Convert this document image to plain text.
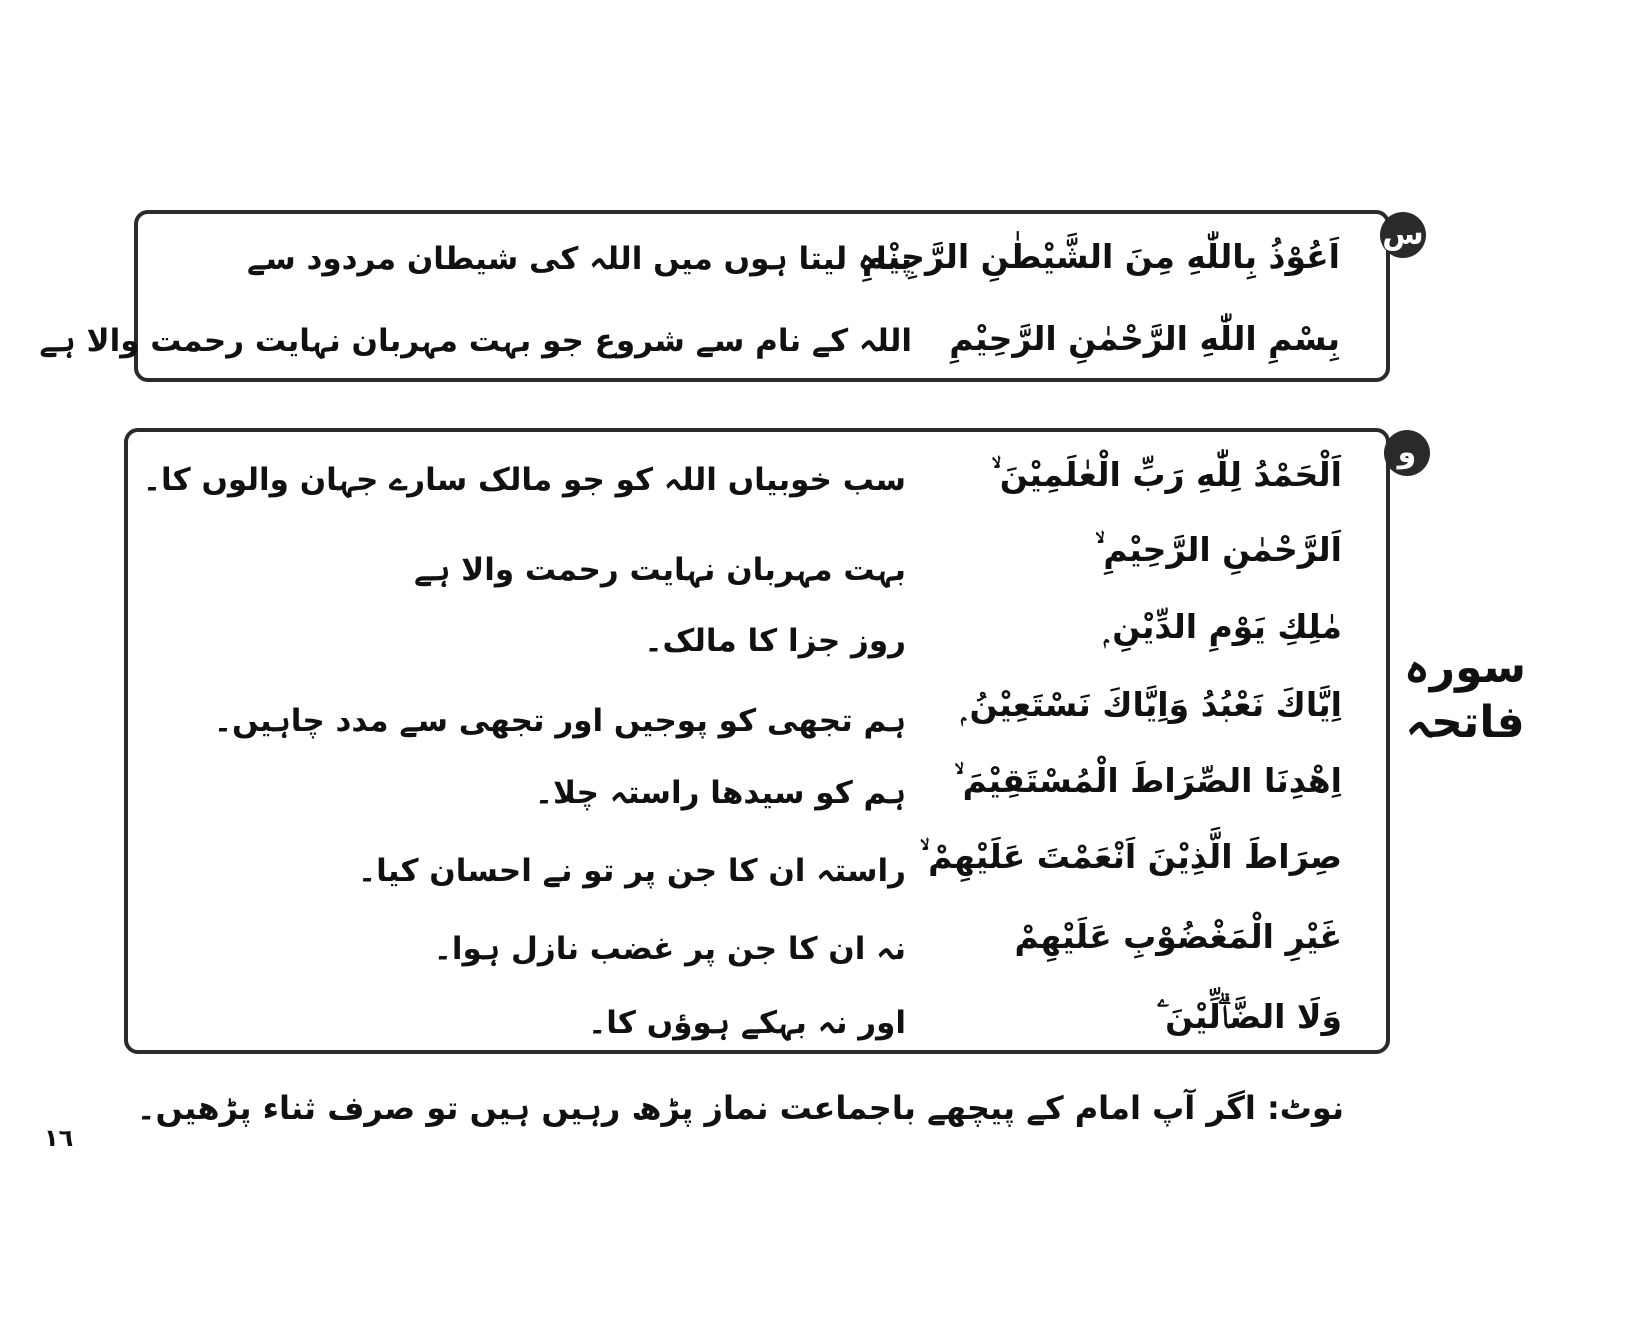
س
اَعُوْذُ بِاللّٰهِ مِنَ الشَّيْطٰنِ الرَّجِيْمِ
پناہ لیتا ہوں میں اللہ کی شیطان مردود سے
بِسْمِ اللّٰهِ الرَّحْمٰنِ الرَّحِيْمِ
اللہ کے نام سے شروع جو بہت مہربان نہایت رحمت والا ہے
و
سورہ
فاتحہ
اَلْحَمْدُ لِلّٰهِ رَبِّ الْعٰلَمِيْنَ ۙ
سب خوبیاں اللہ کو جو مالک سارے جہان والوں کا۔
اَلرَّحْمٰنِ الرَّحِيْمِ ۙ
بہت مہربان نہایت رحمت والا ہے
مٰلِكِ يَوْمِ الدِّيْنِ ۭ
روز جزا کا مالک۔
اِيَّاكَ نَعْبُدُ وَاِيَّاكَ نَسْتَعِيْنُ ۭ
ہم تجھی کو پوجیں اور تجھی سے مدد چاہیں۔
اِھْدِنَا الصِّرَاطَ الْمُسْتَقِيْمَ ۙ
ہم کو سیدھا راستہ چلا۔
صِرَاطَ الَّذِيْنَ اَنْعَمْتَ عَلَيْهِمْ ۙ
راستہ ان کا جن پر تو نے احسان کیا۔
غَيْرِ الْمَغْضُوْبِ عَلَيْهِمْ
نہ ان کا جن پر غضب نازل ہوا۔
وَلَا الضَّاۗلِّيْنَ ۧ
اور نہ بہکے ہوؤں کا۔
نوٹ: اگر آپ امام کے پیچھے باجماعت نماز پڑھ رہیں ہیں تو صرف ثناء پڑھیں۔
١٦
